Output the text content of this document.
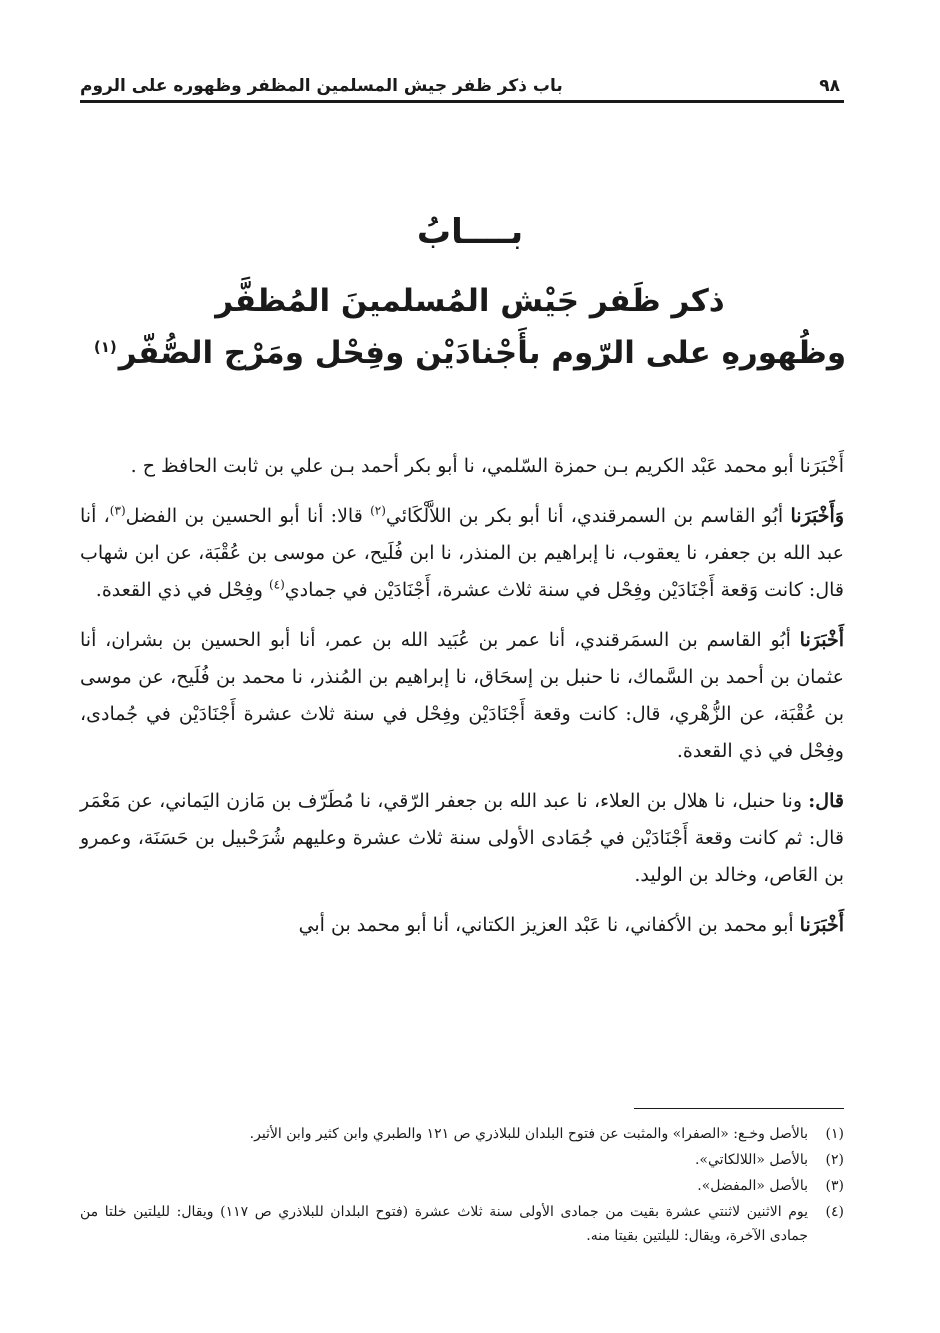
٩٨
باب ذكر ظفر جيش المسلمين المظفر وظهوره على الروم
بــــابُ
ذكر ظَفر جَيْش المُسلمينَ المُظفَّر
وظُهورهِ على الرّوم بأَجْنادَيْن وفِحْل ومَرْج الصُّفّر$^{(١)}$

أَخْبَرَنا أبو محمد عَبْد الكريم بـن حمزة السّلمي، نا أبو بكر أحمد بـن علي بن ثابت الحافظ ح .

وَأَخْبَرَنا أبُو القاسم بن السمرقندي، أنا أبو بكر بن اللاَّلْكَائي$^{(٢)}$ قالا: أنا أبو الحسين بن الفضل$^{(٣)}$، أنا عبد الله بن جعفر، نا يعقوب، نا إبراهيم بن المنذر، نا ابن فُلَيح، عن موسى بن عُقْبَة، عن ابن شهاب قال: كانت وَقعة أَجْنَادَيْن وفِحْل في سنة ثلاث عشرة، أَجْنَادَيْن في جمادي$^{(٤)}$ وفِحْل في ذي القعدة.

أَخْبَرَنا أبُو القاسم بن السمَرقندي، أنا عمر بن عُبَيد الله بن عمر، أنا أبو الحسين بن بشران، أنا عثمان بن أحمد بن السَّماك، نا حنبل بن إسحَاق، نا إبراهيم بن المُنذر، نا محمد بن فُلَيح، عن موسى بن عُقْبَة، عن الزُّهْري، قال: كانت وقعة أَجْنَادَيْن وفِحْل في سنة ثلاث عشرة أَجْنَادَيْن في جُمادى، وفِحْل في ذي القعدة.

قال: ونا حنبل، نا هلال بن العلاء، نا عبد الله بن جعفر الرّقي، نا مُطَرّف بن مَازن اليَماني، عن مَعْمَر قال: ثم كانت وقعة أَجْنَادَيْن في جُمَادى الأولى سنة ثلاث عشرة وعليهم شُرَحْبيل بن حَسَنَة، وعمرو بن العَاص، وخالد بن الوليد.

أَخْبَرَنا أبو محمد بن الأكفاني، نا عَبْد العزيز الكتاني، أنا أبو محمد بن أبي

(١)
بالأصل وخـع: «الصفرا» والمثبت عن فتوح البلدان للبلاذري ص ١٢١ والطبري وابن كثير وابن الأثير.
(٢)
بالأصل «اللالكاتي».
(٣)
بالأصل «المفضل».
(٤)
يوم الاثنين لاثنتي عشرة بقيت من جمادى الأولى سنة ثلاث عشرة (فتوح البلدان للبلاذري ص ١١٧) ويقال: لليلتين خلتا من جمادى الآخرة، ويقال: لليلتين بقيتا منه.
